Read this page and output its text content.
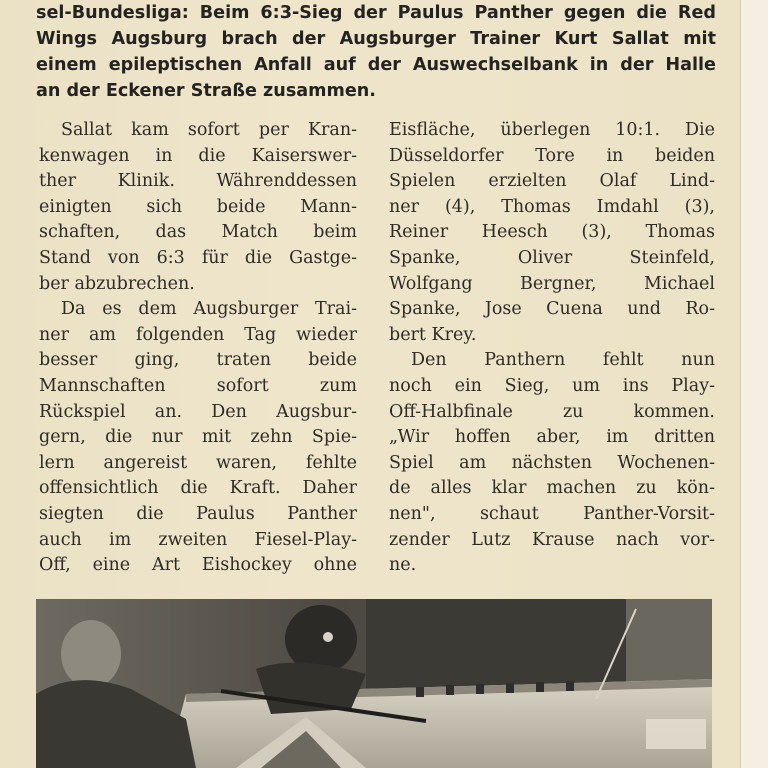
sel-Bundesliga: Beim 6:3-Sieg der Paulus Panther gegen die Red
Wings Augsburg brach der Augsburger Trainer Kurt Sallat mit
einem epileptischen Anfall auf der Auswechselbank in der Halle
an der Eckener Straße zusammen.
Sallat kam sofort per Kran-
kenwagen in die Kaiserswer-
ther Klinik. Währenddessen
einigten sich beide Mann-
schaften, das Match beim
Stand von 6:3 für die Gastge-
ber abzubrechen.
Da es dem Augsburger Trai-
ner am folgenden Tag wieder
besser ging, traten beide
Mannschaften sofort zum
Rückspiel an. Den Augsbur-
gern, die nur mit zehn Spie-
lern angereist waren, fehlte
offensichtlich die Kraft. Daher
siegten die Paulus Panther
auch im zweiten Fiesel-Play-
Off, eine Art Eishockey ohne
Eisfläche, überlegen 10:1. Die
Düsseldorfer Tore in beiden
Spielen erzielten Olaf Lind-
ner (4), Thomas Imdahl (3),
Reiner Heesch (3), Thomas
Spanke, Oliver Steinfeld,
Wolfgang Bergner, Michael
Spanke, Jose Cuena und Ro-
bert Krey.
Den Panthern fehlt nun
noch ein Sieg, um ins Play-
Off-Halbfinale zu kommen.
„Wir hoffen aber, im dritten
Spiel am nächsten Wochenen-
de alles klar machen zu kön-
nen", schaut Panther-Vorsit-
zender Lutz Krause nach vor-
ne.
